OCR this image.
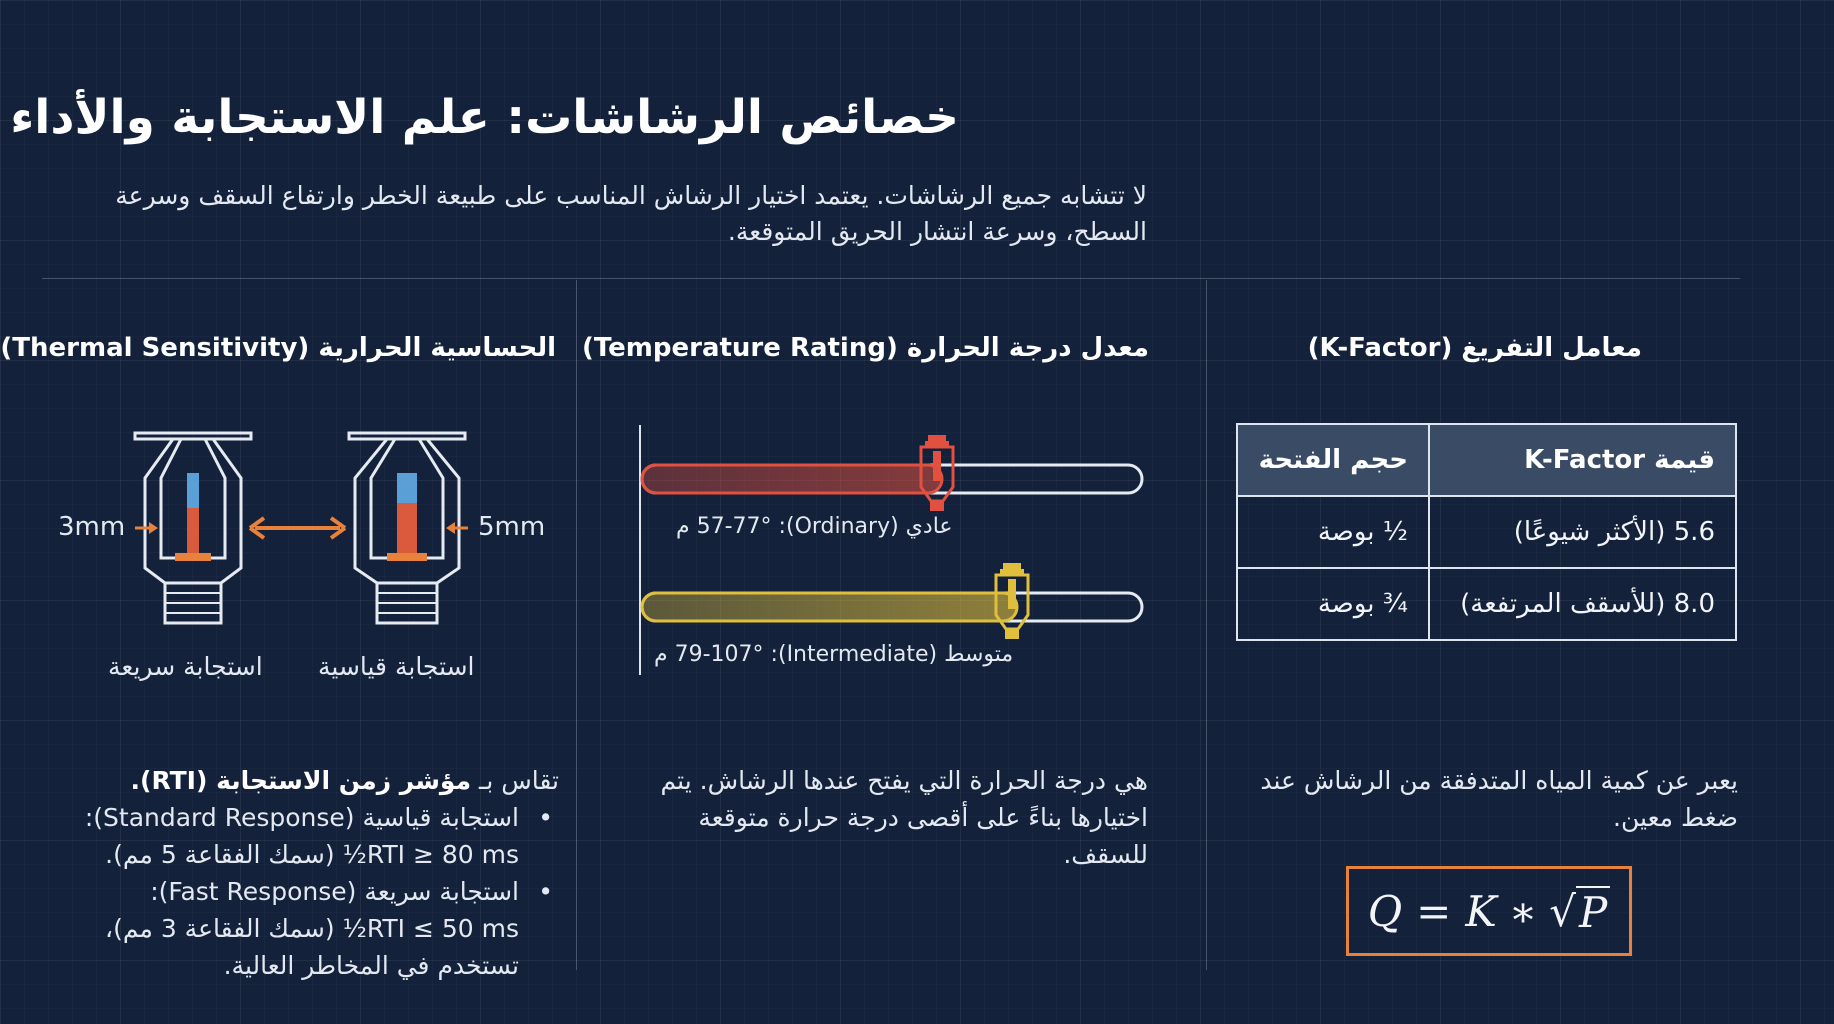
خصائص الرشاشات: علم الاستجابة والأداء
لا تتشابه جميع الرشاشات. يعتمد اختيار الرشاش المناسب على طبيعة الخطر وارتفاع السقف وسرعة السطح، وسرعة انتشار الحريق المتوقعة.
معامل التفريغ (K-Factor)
قيمة K-Factor	حجم الفتحة
5.6 (الأكثر شيوعًا)	½ بوصة
8.0 (للأسقف المرتفعة)	¾ بوصة
يعبر عن كمية المياه المتدفقة من الرشاش عند ضغط معين.
Q = K ∗ √ P
معدل درجة الحرارة (Temperature Rating)
عادي (Ordinary): 57-77° م
متوسط (Intermediate): 79-107° م
هي درجة الحرارة التي يفتح عندها الرشاش. يتم اختيارها بناءً على أقصى درجة حرارة متوقعة للسقف.
الحساسية الحرارية (Thermal Sensitivity)
3mm	5mm
استجابة سريعة استجابة قياسية
تقاس بـ مؤشر زمن الاستجابة (RTI).
• استجابة قياسية (Standard Response):
RTI ≥ 80 ms½ (سمك الفقاعة 5 مم).
• استجابة سريعة (Fast Response):
RTI ≤ 50 ms½ (سمك الفقاعة 3 مم)،
تستخدم في المخاطر العالية.
